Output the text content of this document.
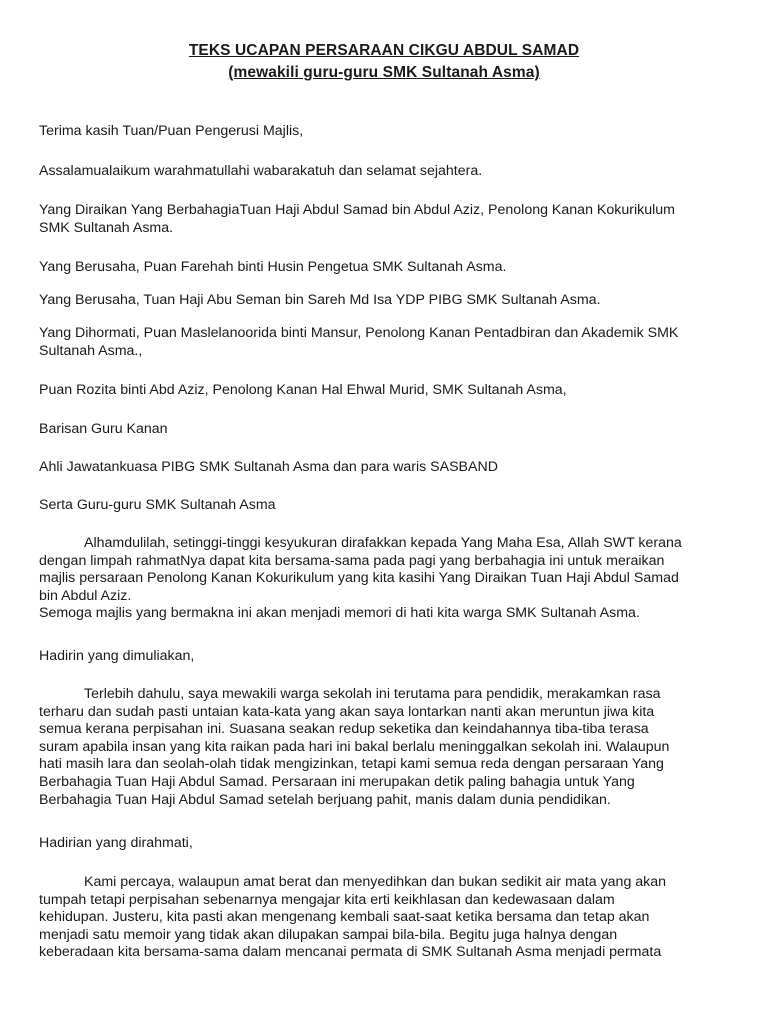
TEKS UCAPAN PERSARAAN CIKGU ABDUL SAMAD

(mewakili guru-guru SMK Sultanah Asma)

Terima kasih Tuan/Puan Pengerusi Majlis,

Assalamualaikum warahmatullahi wabarakatuh dan selamat sejahtera.

Yang Diraikan Yang BerbahagiaTuan Haji Abdul Samad bin Abdul Aziz, Penolong Kanan Kokurikulum
SMK Sultanah Asma.

Yang Berusaha, Puan Farehah binti Husin Pengetua SMK Sultanah Asma.

Yang Berusaha, Tuan Haji Abu Seman bin Sareh Md Isa YDP PIBG SMK Sultanah Asma.

Yang Dihormati, Puan Maslelanoorida binti Mansur, Penolong Kanan Pentadbiran dan Akademik SMK
Sultanah Asma.,

Puan Rozita binti Abd Aziz, Penolong Kanan Hal Ehwal Murid, SMK Sultanah Asma,

Barisan Guru Kanan

Ahli Jawatankuasa PIBG SMK Sultanah Asma dan para waris SASBAND

Serta Guru-guru SMK Sultanah Asma

Alhamdulilah, setinggi-tinggi kesyukuran dirafakkan kepada Yang Maha Esa, Allah SWT kerana
dengan limpah rahmatNya dapat kita bersama-sama pada pagi yang berbahagia ini untuk meraikan
majlis persaraan Penolong Kanan Kokurikulum yang kita kasihi Yang Diraikan Tuan Haji Abdul Samad
bin Abdul Aziz.
Semoga majlis yang bermakna ini akan menjadi memori di hati kita warga SMK Sultanah Asma.

Hadirin yang dimuliakan,

Terlebih dahulu, saya mewakili warga sekolah ini terutama para pendidik, merakamkan rasa
terharu dan sudah pasti untaian kata-kata yang akan saya lontarkan nanti akan meruntun jiwa kita
semua kerana perpisahan ini. Suasana seakan redup seketika dan keindahannya tiba-tiba terasa
suram apabila insan yang kita raikan pada hari ini bakal berlalu meninggalkan sekolah ini. Walaupun
hati masih lara dan seolah-olah tidak mengizinkan, tetapi kami semua reda dengan persaraan Yang
Berbahagia Tuan Haji Abdul Samad. Persaraan ini merupakan detik paling bahagia untuk Yang
Berbahagia Tuan Haji Abdul Samad setelah berjuang pahit, manis dalam dunia pendidikan.

Hadirian yang dirahmati,

Kami percaya, walaupun amat berat dan menyedihkan dan bukan sedikit air mata yang akan
tumpah tetapi perpisahan sebenarnya mengajar kita erti keikhlasan dan kedewasaan dalam
kehidupan. Justeru, kita pasti akan mengenang kembali saat-saat ketika bersama dan tetap akan
menjadi satu memoir yang tidak akan dilupakan sampai bila-bila. Begitu juga halnya dengan
keberadaan kita bersama-sama dalam mencanai permata di SMK Sultanah Asma menjadi permata
